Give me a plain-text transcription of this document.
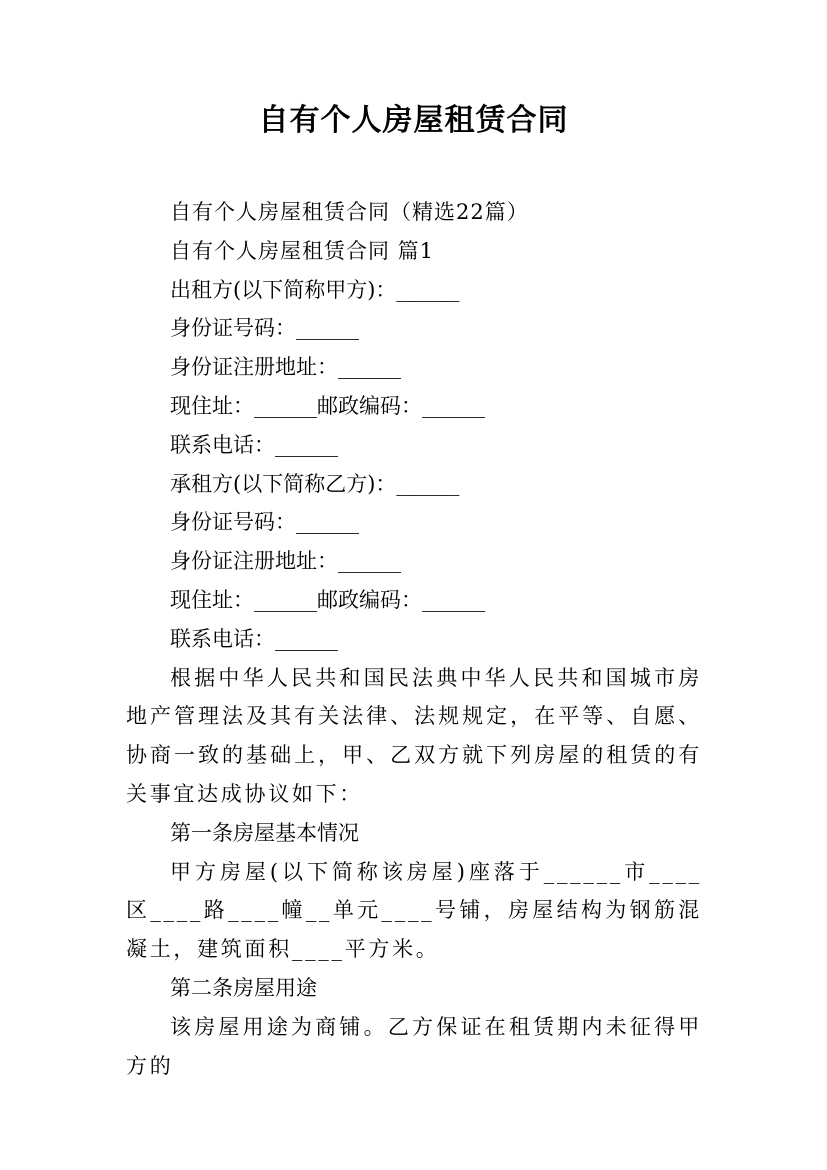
自有个人房屋租赁合同
自有个人房屋租赁合同（精选22篇）
自有个人房屋租赁合同 篇1
出租方(以下简称甲方)：______
身份证号码：______
身份证注册地址：______
现住址：______邮政编码：______
联系电话：______
承租方(以下简称乙方)：______
身份证号码：______
身份证注册地址：______
现住址：______邮政编码：______
联系电话：______
根据中华人民共和国民法典中华人民共和国城市房地产管理法及其有关法律、法规规定，在平等、自愿、协商一致的基础上，甲、乙双方就下列房屋的租赁的有关事宜达成协议如下：
第一条房屋基本情况
甲方房屋(以下简称该房屋)座落于______市____区____路____幢__单元____号铺，房屋结构为钢筋混凝土，建筑面积____平方米。
第二条房屋用途
该房屋用途为商铺。乙方保证在租赁期内未征得甲方的
